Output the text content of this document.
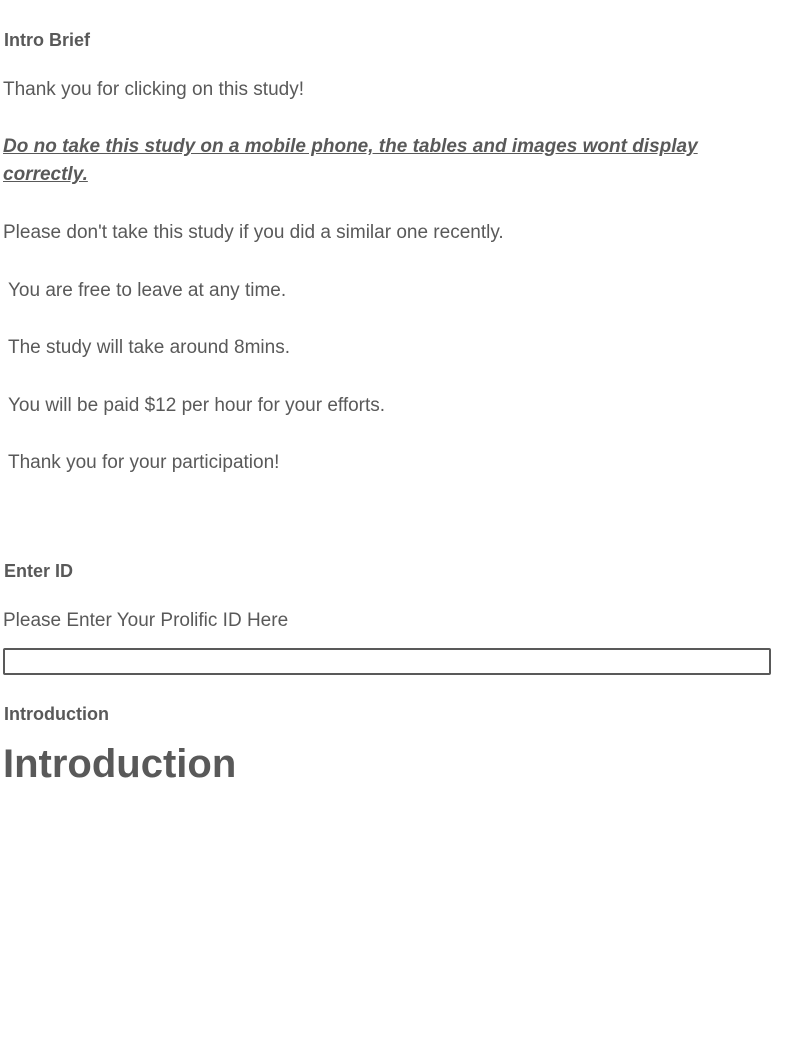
Intro Brief
Thank you for clicking on this study!
Do no take this study on a mobile phone, the tables and images wont display correctly.
Please don't take this study if you did a similar one recently.
You are free to leave at any time.
The study will take around 8mins.
You will be paid $12 per hour for your efforts.
Thank you for your participation!
Enter ID
Please Enter Your Prolific ID Here
Introduction
Introduction
